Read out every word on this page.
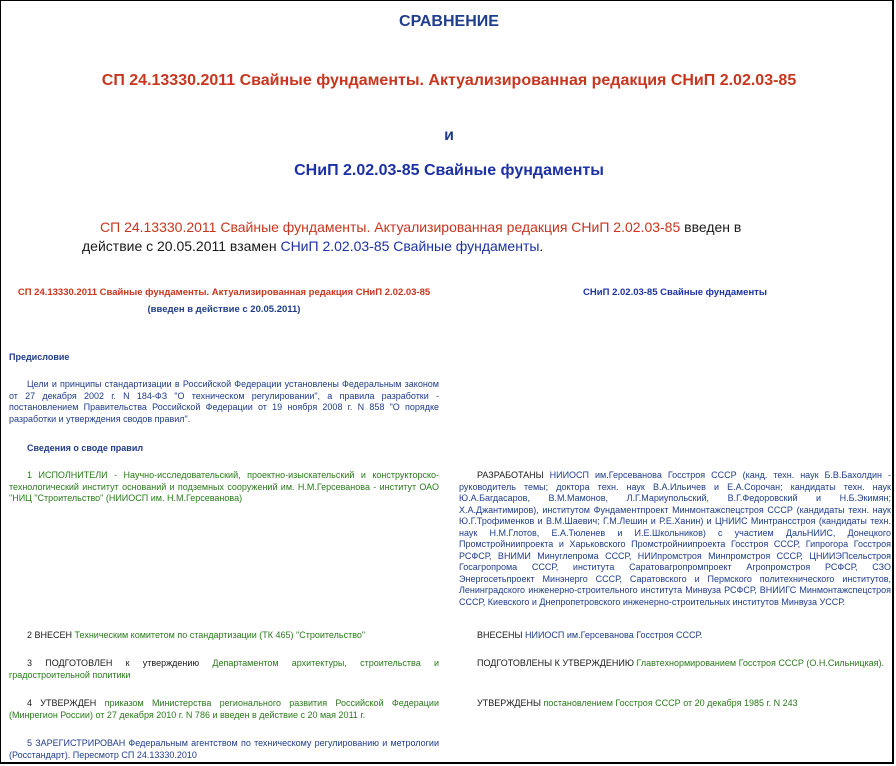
СРАВНЕНИЕ
СП 24.13330.2011 Свайные фундаменты. Актуализированная редакция СНиП 2.02.03-85
и
СНиП 2.02.03-85 Свайные фундаменты
СП 24.13330.2011 Свайные фундаменты. Актуализированная редакция СНиП 2.02.03-85 введен в действие с 20.05.2011 взамен СНиП 2.02.03-85 Свайные фундаменты.
СП 24.13330.2011 Свайные фундаменты. Актуализированная редакция СНиП 2.02.03-85
(введен в действие с 20.05.2011)
СНиП 2.02.03-85 Свайные фундаменты
Предисловие
Цели и принципы стандартизации в Российской Федерации установлены Федеральным законом от 27 декабря 2002 г. N 184-ФЗ "О техническом регулировании", а правила разработки - постановлением Правительства Российской Федерации от 19 ноября 2008 г. N 858 "О порядке разработки и утверждения сводов правил".
Сведения о своде правил
1 ИСПОЛНИТЕЛИ - Научно-исследовательский, проектно-изыскательский и конструкторско-технологический институт оснований и подземных сооружений им. Н.М.Герсеванова - институт ОАО "НИЦ "Строительство" (НИИОСП им. Н.М.Герсеванова)
РАЗРАБОТАНЫ НИИОСП им.Герсеванова Госстроя СССР (канд. техн. наук Б.В.Бахолдин - руководитель темы; доктора техн. наук В.А.Ильичев и Е.А.Сорочан; кандидаты техн. наук Ю.А.Багдасаров, В.М.Мамонов, Л.Г.Мариупольский, В.Г.Федоровский и Н.Б.Экимян; Х.А.Джантимиров), институтом Фундаментпроект Минмонтажспецстроя СССР (кандидаты техн. наук Ю.Г.Трофименков и В.М.Шаевич; Г.М.Лешин и Р.Е.Ханин) и ЦНИИС Минтрансстроя (кандидаты техн. наук Н.М.Глотов, Е.А.Тюленев и И.Е.Школьников) с участием ДальНИИС, Донецкого Промстройниипроекта и Харьковского Промстройниипроекта Госстроя СССР, Гипрогора Госстроя РСФСР, ВНИМИ Минуглепрома СССР, НИИпромстроя Минпромстроя СССР, ЦНИИЭПсельстроя Госагропрома СССР, института Саратовагропромпроект Агропромстроя РСФСР, СЗО Энергосетьпроект Минэнерго СССР, Саратовского и Пермского политехнического институтов, Ленинградского инженерно-строительного института Минвуза РСФСР, ВНИИГС Минмонтажспецстроя СССР, Киевского и Днепропетровского инженерно-строительных институтов Минвуза УССР.
2 ВНЕСЕН Техническим комитетом по стандартизации (ТК 465) "Строительство"	ВНЕСЕНЫ НИИОСП им.Герсеванова Госстроя СССР.
3 ПОДГОТОВЛЕН к утверждению Департаментом архитектуры, строительства и градостроительной политики
ПОДГОТОВЛЕНЫ К УТВЕРЖДЕНИЮ Главтехнормированием Госстроя СССР (О.Н.Сильницкая).
4 УТВЕРЖДЕН приказом Министерства регионального развития Российской Федерации (Минрегион России) от 27 декабря 2010 г. N 786 и введен в действие с 20 мая 2011 г.
УТВЕРЖДЕНЫ постановлением Госстроя СССР от 20 декабря 1985 г. N 243
5 ЗАРЕГИСТРИРОВАН Федеральным агентством по техническому регулированию и метрологии (Росстандарт). Пересмотр СП 24.13330.2010
